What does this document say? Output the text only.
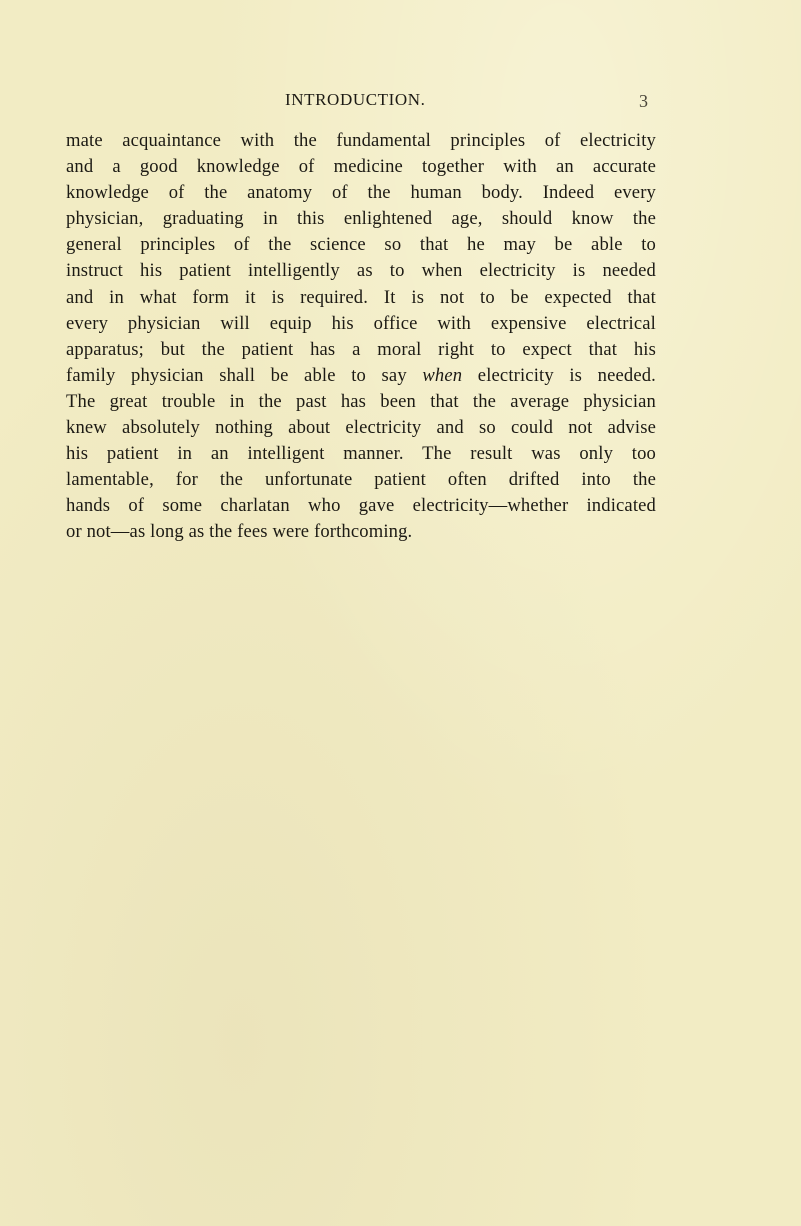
INTRODUCTION.	3
mate acquaintance with the fundamental principles of electricity
and a good knowledge of medicine together with an accurate
knowledge of the anatomy of the human body. Indeed every
physician, graduating in this enlightened age, should know the
general principles of the science so that he may be able to
instruct his patient intelligently as to when electricity is needed
and in what form it is required. It is not to be expected that
every physician will equip his office with expensive electrical
apparatus; but the patient has a moral right to expect that his
family physician shall be able to say when electricity is needed.
The great trouble in the past has been that the average physician
knew absolutely nothing about electricity and so could not advise
his patient in an intelligent manner. The result was only too
lamentable, for the unfortunate patient often drifted into the
hands of some charlatan who gave electricity—whether indicated
or not—as long as the fees were forthcoming.
